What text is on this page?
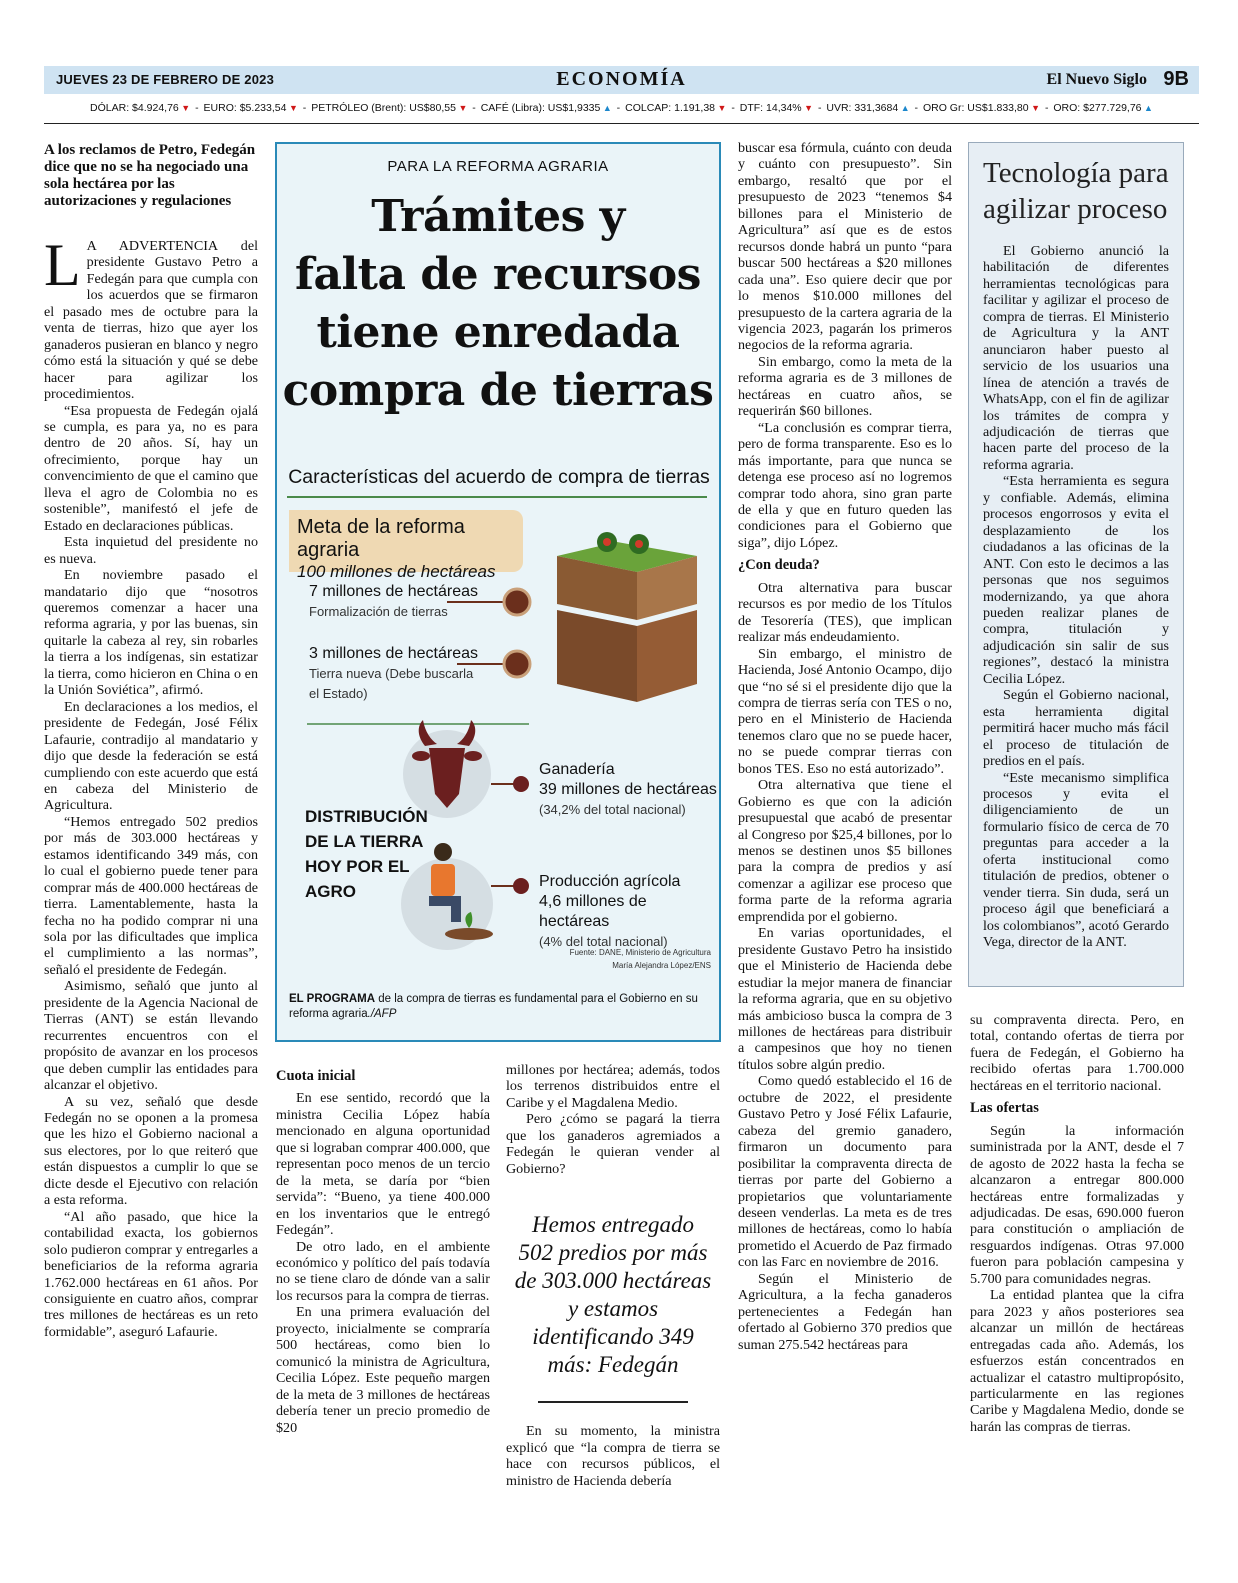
JUEVES 23 DE FEBRERO DE 2023	ECONOMÍA	El Nuevo Siglo 9B
DÓLAR: $4.924,76 ▼ - EURO: $5.233,54 ▼ - PETRÓLEO (Brent): US$80,55 ▼ - CAFÉ (Libra): US$1,9335 ▲ - COLCAP: 1.191,38 ▼ - DTF: 14,34% ▼ - UVR: 331,3684 ▲ - ORO Gr: US$1.833,80 ▼ - ORO: $277.729,76 ▲
A los reclamos de Petro, Fedegán dice que no se ha negociado una sola hectárea por las autorizaciones y regulaciones

L A ADVERTENCIA del presidente Gustavo Petro a Fedegán para que cumpla con los acuerdos que se firmaron el pasado mes de octubre para la venta de tierras, hizo que ayer los ganaderos pusieran en blanco y negro cómo está la situación y qué se debe hacer para agilizar los procedimientos.

“Esa propuesta de Fedegán ojalá se cumpla, es para ya, no es para dentro de 20 años. Sí, hay un ofrecimiento, porque hay un convencimiento de que el camino que lleva el agro de Colombia no es sostenible”, manifestó el jefe de Estado en declaraciones públicas.

Esta inquietud del presidente no es nueva.

En noviembre pasado el mandatario dijo que “nosotros queremos comenzar a hacer una reforma agraria, y por las buenas, sin quitarle la cabeza al rey, sin robarles la tierra a los indígenas, sin estatizar la tierra, como hicieron en China o en la Unión Soviética”, afirmó.

En declaraciones a los medios, el presidente de Fedegán, José Félix Lafaurie, contradijo al mandatario y dijo que desde la federación se está cumpliendo con este acuerdo que está en cabeza del Ministerio de Agricultura.

“Hemos entregado 502 predios por más de 303.000 hectáreas y estamos identificando 349 más, con lo cual el gobierno puede tener para comprar más de 400.000 hectáreas de tierra. Lamentablemente, hasta la fecha no ha podido comprar ni una sola por las dificultades que implica el cumplimiento a las normas”, señaló el presidente de Fedegán.

Asimismo, señaló que junto al presidente de la Agencia Nacional de Tierras (ANT) se están llevando recurrentes encuentros con el propósito de avanzar en los procesos que deben cumplir las entidades para alcanzar el objetivo.

A su vez, señaló que desde Fedegán no se oponen a la promesa que les hizo el Gobierno nacional a sus electores, por lo que reiteró que están dispuestos a cumplir lo que se dicte desde el Ejecutivo con relación a esta reforma.

“Al año pasado, que hice la contabilidad exacta, los gobiernos solo pudieron comprar y entregarles a beneficiarios de la reforma agraria 1.762.000 hectáreas en 61 años. Por consiguiente en cuatro años, comprar tres millones de hectáreas es un reto formidable”, aseguró Lafaurie.

PARA LA REFORMA AGRARIA
Trámites y
falta de recursos
tiene enredada
compra de tierras
Características del acuerdo de compra de tierras
Meta de la reforma agraria
100 millones de hectáreas
7 millones de hectáreas
Formalización de tierras
3 millones de hectáreas
Tierra nueva (Debe buscarla
el Estado)
DISTRIBUCIÓN
DE LA TIERRA
HOY POR EL
AGRO
Ganadería
39 millones de hectáreas
(34,2% del total nacional)
Producción agrícola
4,6 millones de hectáreas
(4% del total nacional)
Fuente: DANE, Ministerio de Agricultura
María Alejandra López/ENS
EL PROGRAMA de la compra de tierras es fundamental para el Gobierno en su reforma agraria./AFP
Cuota inicial

En ese sentido, recordó que la ministra Cecilia López había mencionado en alguna oportunidad que si lograban comprar 400.000, que representan poco menos de un tercio de la meta, se daría por “bien servida”: “Bueno, ya tiene 400.000 en los inventarios que le entregó Fedegán”.

De otro lado, en el ambiente económico y político del país todavía no se tiene claro de dónde van a salir los recursos para la compra de tierras.

En una primera evaluación del proyecto, inicialmente se compraría 500 hectáreas, como bien lo comunicó la ministra de Agricultura, Cecilia López. Este pequeño margen de la meta de 3 millones de hectáreas debería tener un precio promedio de $20

millones por hectárea; además, todos los terrenos distribuidos entre el Caribe y el Magdalena Medio.

Pero ¿cómo se pagará la tierra que los ganaderos agremiados a Fedegán le quieran vender al Gobierno?

Hemos entregado 502 predios por más de 303.000 hectáreas y estamos identificando 349 más: Fedegán

En su momento, la ministra explicó que “la compra de tierra se hace con recursos públicos, el ministro de Hacienda debería

buscar esa fórmula, cuánto con deuda y cuánto con presupuesto”. Sin embargo, resaltó que por el presupuesto de 2023 “tenemos $4 billones para el Ministerio de Agricultura” así que es de estos recursos donde habrá un punto “para buscar 500 hectáreas a $20 millones cada una”. Eso quiere decir que por lo menos $10.000 millones del presupuesto de la cartera agraria de la vigencia 2023, pagarán los primeros negocios de la reforma agraria.

Sin embargo, como la meta de la reforma agraria es de 3 millones de hectáreas en cuatro años, se requerirán $60 billones.

“La conclusión es comprar tierra, pero de forma transparente. Eso es lo más importante, para que nunca se detenga ese proceso así no logremos comprar todo ahora, sino gran parte de ella y que en futuro queden las condiciones para el Gobierno que siga”, dijo López.

¿Con deuda?

Otra alternativa para buscar recursos es por medio de los Títulos de Tesorería (TES), que implican realizar más endeudamiento.

Sin embargo, el ministro de Hacienda, José Antonio Ocampo, dijo que “no sé si el presidente dijo que la compra de tierras sería con TES o no, pero en el Ministerio de Hacienda tenemos claro que no se puede hacer, no se puede comprar tierras con bonos TES. Eso no está autorizado”.

Otra alternativa que tiene el Gobierno es que con la adición presupuestal que acabó de presentar al Congreso por $25,4 billones, por lo menos se destinen unos $5 billones para la compra de predios y así comenzar a agilizar ese proceso que forma parte de la reforma agraria emprendida por el gobierno.

En varias oportunidades, el presidente Gustavo Petro ha insistido que el Ministerio de Hacienda debe estudiar la mejor manera de financiar la reforma agraria, que en su objetivo más ambicioso busca la compra de 3 millones de hectáreas para distribuir a campesinos que hoy no tienen títulos sobre algún predio.

Como quedó establecido el 16 de octubre de 2022, el presidente Gustavo Petro y José Félix Lafaurie, cabeza del gremio ganadero, firmaron un documento para posibilitar la compraventa directa de tierras por parte del Gobierno a propietarios que voluntariamente deseen venderlas. La meta es de tres millones de hectáreas, como lo había prometido el Acuerdo de Paz firmado con las Farc en noviembre de 2016.

Según el Ministerio de Agricultura, a la fecha ganaderos pertenecientes a Fedegán han ofertado al Gobierno 370 predios que suman 275.542 hectáreas para

Tecnología para agilizar proceso

El Gobierno anunció la habilitación de diferentes herramientas tecnológicas para facilitar y agilizar el proceso de compra de tierras. El Ministerio de Agricultura y la ANT anunciaron haber puesto al servicio de los usuarios una línea de atención a través de WhatsApp, con el fin de agilizar los trámites de compra y adjudicación de tierras que hacen parte del proceso de la reforma agraria.

“Esta herramienta es segura y confiable. Además, elimina procesos engorrosos y evita el desplazamiento de los ciudadanos a las oficinas de la ANT. Con esto le decimos a las personas que nos seguimos modernizando, ya que ahora pueden realizar planes de compra, titulación y adjudicación sin salir de sus regiones”, destacó la ministra Cecilia López.

Según el Gobierno nacional, esta herramienta digital permitirá hacer mucho más fácil el proceso de titulación de predios en el país.

“Este mecanismo simplifica procesos y evita el diligenciamiento de un formulario físico de cerca de 70 preguntas para acceder a la oferta institucional como titulación de predios, obtener o vender tierra. Sin duda, será un proceso ágil que beneficiará a los colombianos”, acotó Gerardo Vega, director de la ANT.

su compraventa directa. Pero, en total, contando ofertas de tierra por fuera de Fedegán, el Gobierno ha recibido ofertas para 1.700.000 hectáreas en el territorio nacional.

Las ofertas

Según la información suministrada por la ANT, desde el 7 de agosto de 2022 hasta la fecha se alcanzaron a entregar 800.000 hectáreas entre formalizadas y adjudicadas. De esas, 690.000 fueron para constitución o ampliación de resguardos indígenas. Otras 97.000 fueron para población campesina y 5.700 para comunidades negras.

La entidad plantea que la cifra para 2023 y años posteriores sea alcanzar un millón de hectáreas entregadas cada año. Además, los esfuerzos están concentrados en actualizar el catastro multipropósito, particularmente en las regiones Caribe y Magdalena Medio, donde se harán las compras de tierras.
